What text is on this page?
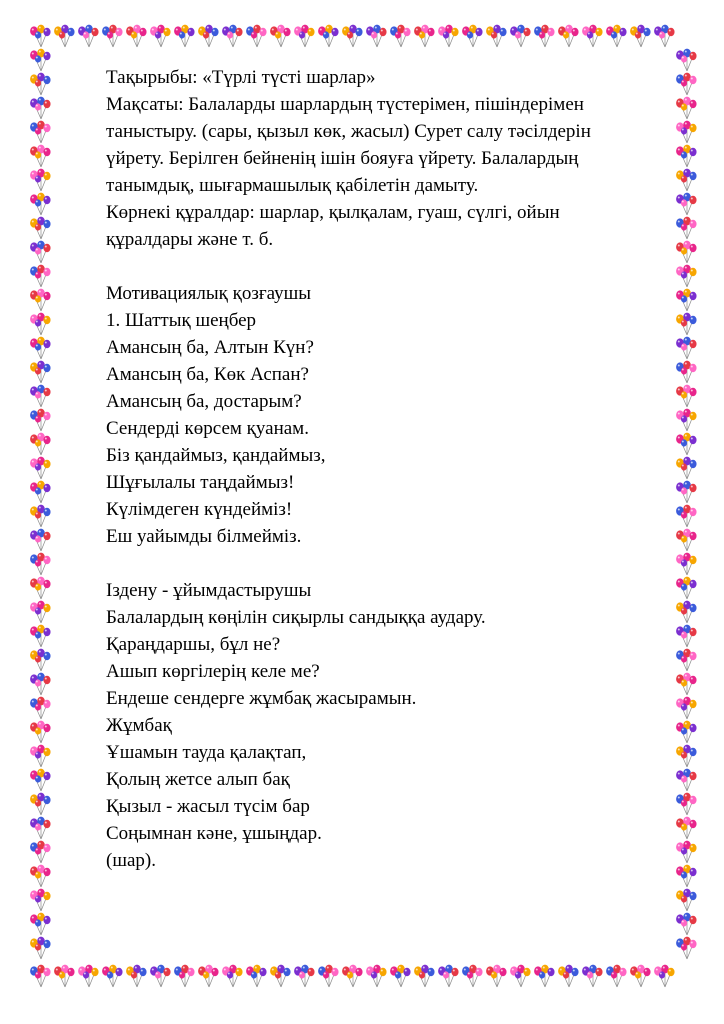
Тақырыбы: «Түрлі түсті шарлар»
Мақсаты: Балаларды шарлардың түстерімен, пішіндерімен
таныстыру. (сары, қызыл көк, жасыл) Сурет салу тәсілдерін
үйрету. Берілген бейненің ішін бояуға үйрету. Балалардың
танымдық, шығармашылық қабілетін дамыту.
Көрнекі құралдар: шарлар, қылқалам, гуаш, сүлгі, ойын
құралдары және т. б.
Мотивациялық қозғаушы
1. Шаттық шеңбер
Амансың ба, Алтын Күн?
Амансың ба, Көк Аспан?
Амансың ба, достарым?
Сендерді көрсем қуанам.
Біз қандаймыз, қандаймыз,
Шұғылалы таңдаймыз!
Күлімдеген күндейміз!
Еш уайымды білмейміз.
Іздену - ұйымдастырушы
Балалардың көңілін сиқырлы сандыққа аудару.
Қараңдаршы, бұл не?
Ашып көргілерің келе ме?
Ендеше сендерге жұмбақ жасырамын.
Жұмбақ
Ұшамын тауда қалақтап,
Қолың жетсе алып бақ
Қызыл - жасыл түсім бар
Соңымнан кәне, ұшыңдар.
(шар).
